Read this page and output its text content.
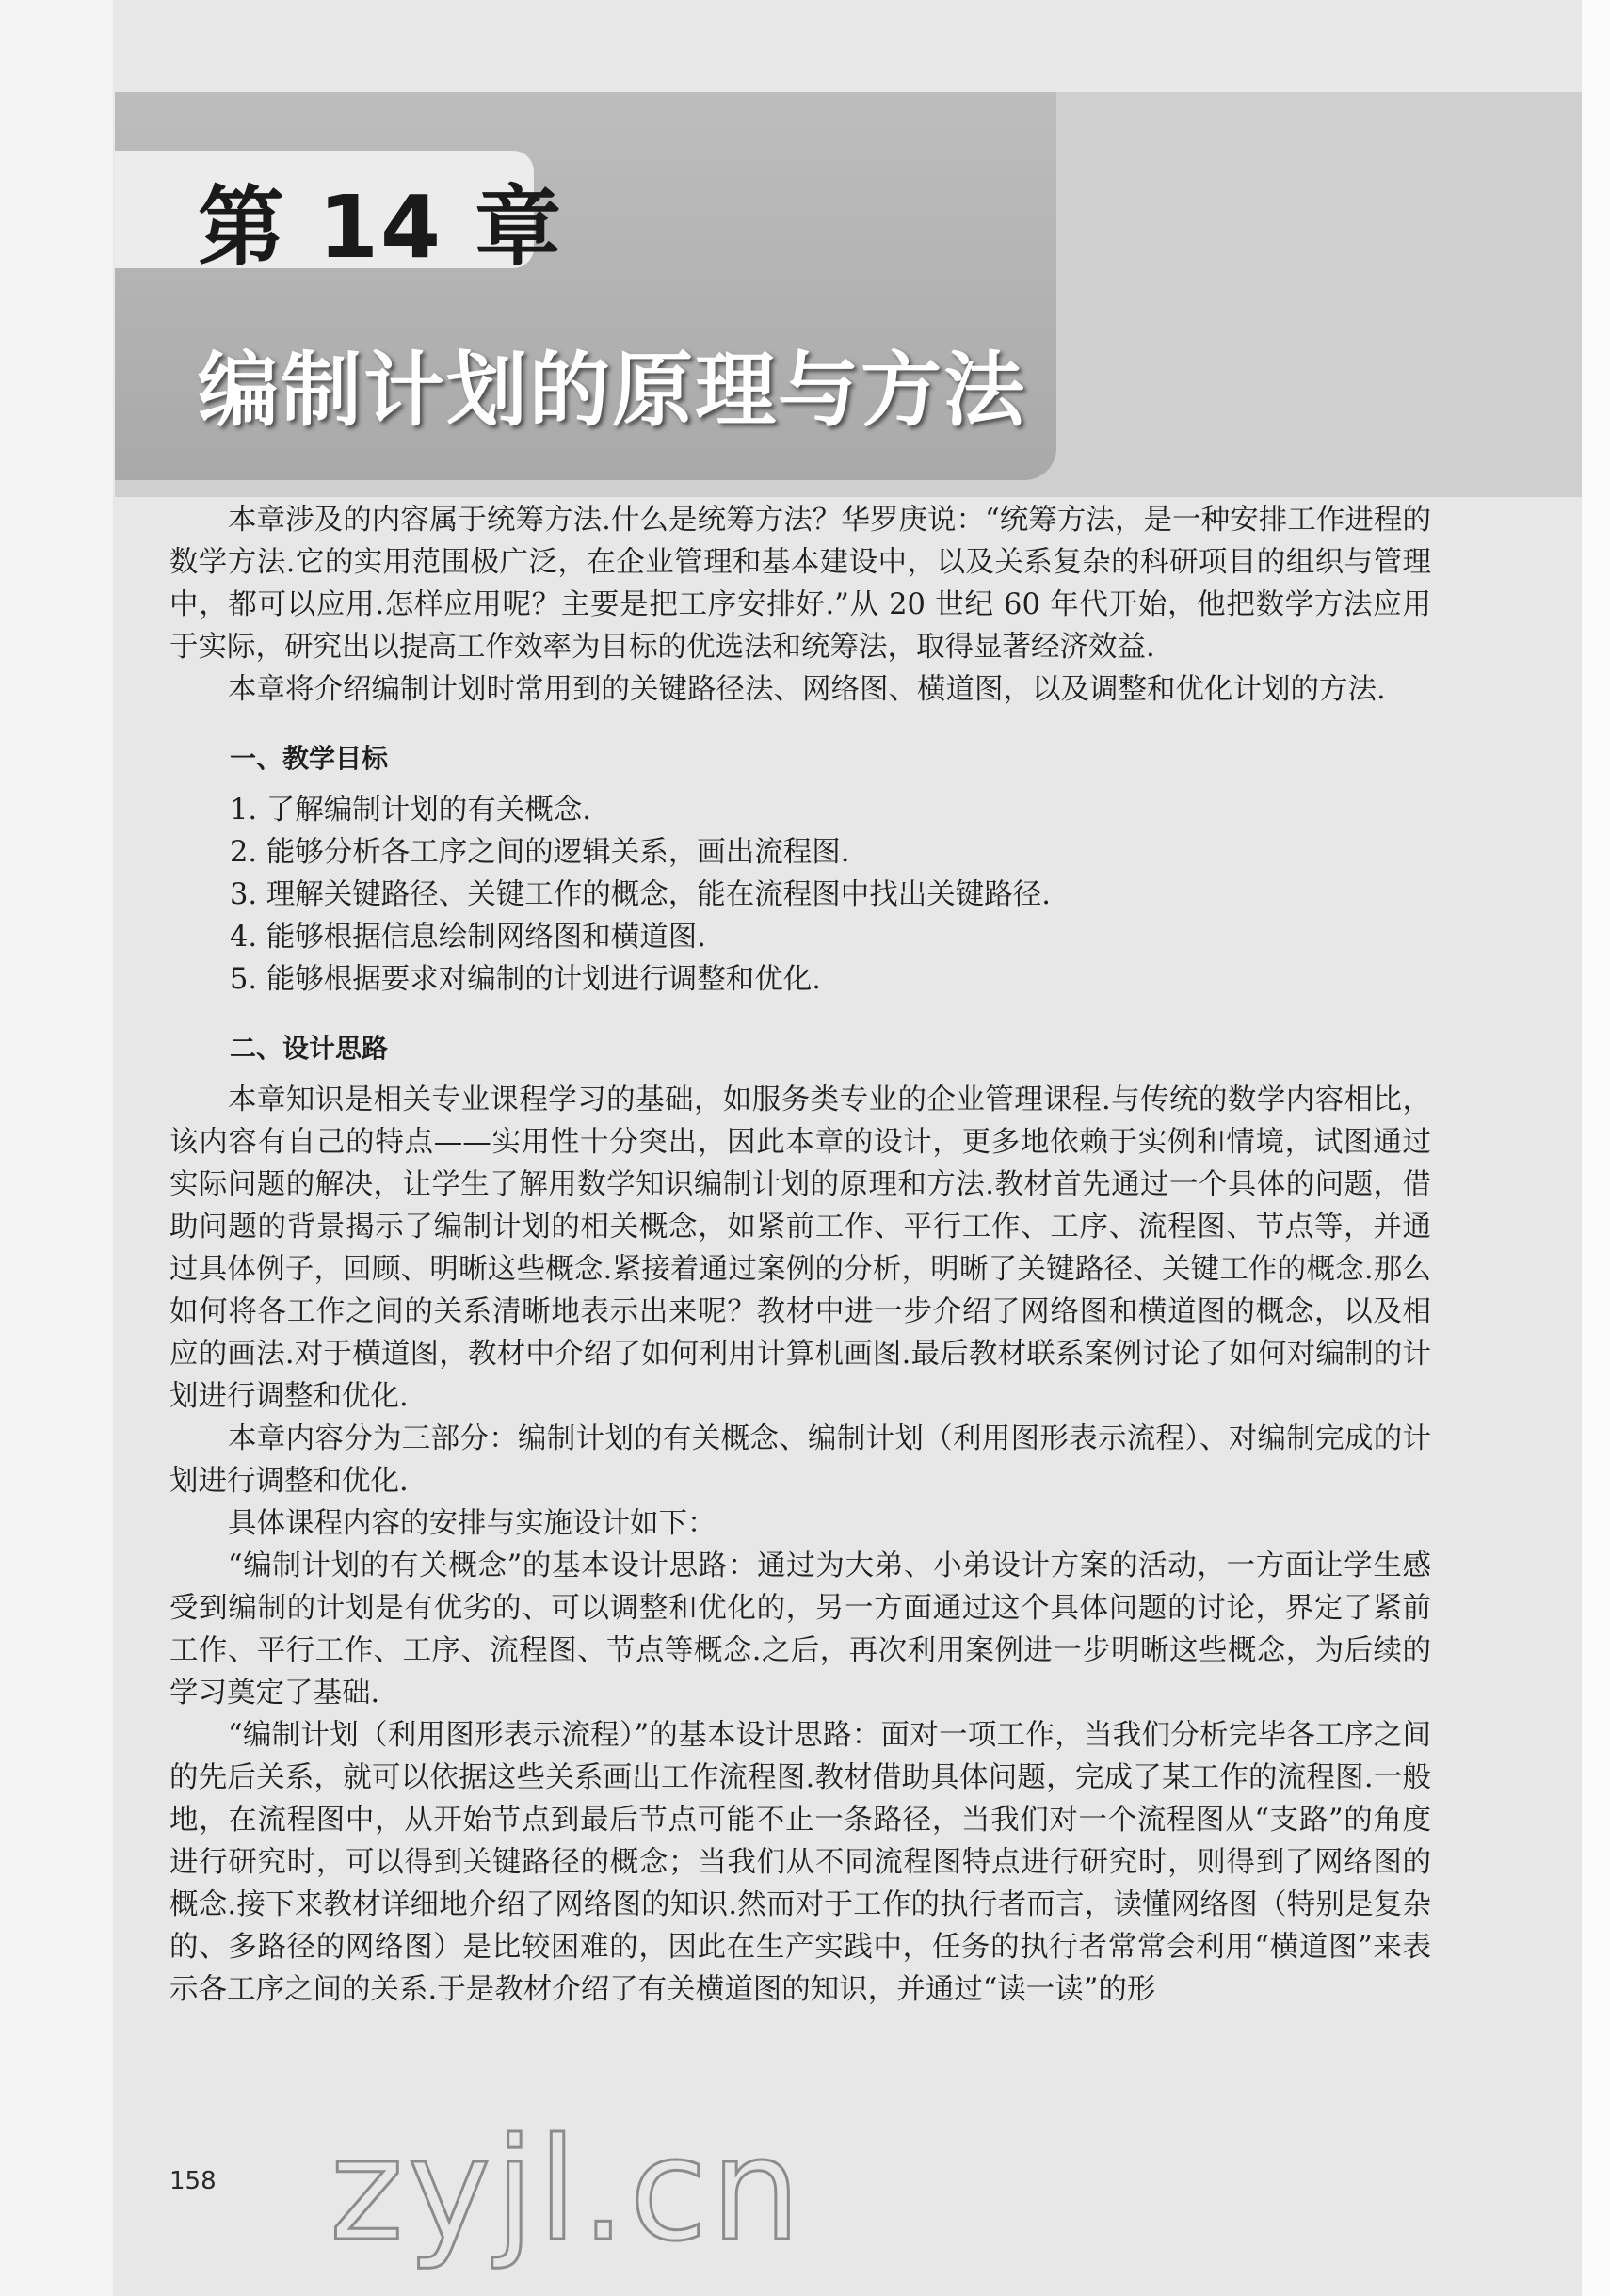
第 14 章
编制计划的原理与方法

本章涉及的内容属于统筹方法.什么是统筹方法？华罗庚说：“统筹方法，是一种安排工作进程的数学方法.它的实用范围极广泛，在企业管理和基本建设中，以及关系复杂的科研项目的组织与管理中，都可以应用.怎样应用呢？主要是把工序安排好.”从 20 世纪 60 年代开始，他把数学方法应用于实际，研究出以提高工作效率为目标的优选法和统筹法，取得显著经济效益.

本章将介绍编制计划时常用到的关键路径法、网络图、横道图，以及调整和优化计划的方法.

一、教学目标
1. 了解编制计划的有关概念.
2. 能够分析各工序之间的逻辑关系，画出流程图.
3. 理解关键路径、关键工作的概念，能在流程图中找出关键路径.
4. 能够根据信息绘制网络图和横道图.
5. 能够根据要求对编制的计划进行调整和优化.
二、设计思路

本章知识是相关专业课程学习的基础，如服务类专业的企业管理课程.与传统的数学内容相比，该内容有自己的特点——实用性十分突出，因此本章的设计，更多地依赖于实例和情境，试图通过实际问题的解决，让学生了解用数学知识编制计划的原理和方法.教材首先通过一个具体的问题，借助问题的背景揭示了编制计划的相关概念，如紧前工作、平行工作、工序、流程图、节点等，并通过具体例子，回顾、明晰这些概念.紧接着通过案例的分析，明晰了关键路径、关键工作的概念.那么如何将各工作之间的关系清晰地表示出来呢？教材中进一步介绍了网络图和横道图的概念，以及相应的画法.对于横道图，教材中介绍了如何利用计算机画图.最后教材联系案例讨论了如何对编制的计划进行调整和优化.

本章内容分为三部分：编制计划的有关概念、编制计划（利用图形表示流程）、对编制完成的计划进行调整和优化.

具体课程内容的安排与实施设计如下：

“编制计划的有关概念”的基本设计思路：通过为大弟、小弟设计方案的活动，一方面让学生感受到编制的计划是有优劣的、可以调整和优化的，另一方面通过这个具体问题的讨论，界定了紧前工作、平行工作、工序、流程图、节点等概念.之后，再次利用案例进一步明晰这些概念，为后续的学习奠定了基础.

“编制计划（利用图形表示流程）”的基本设计思路：面对一项工作，当我们分析完毕各工序之间的先后关系，就可以依据这些关系画出工作流程图.教材借助具体问题，完成了某工作的流程图.一般地，在流程图中，从开始节点到最后节点可能不止一条路径，当我们对一个流程图从“支路”的角度进行研究时，可以得到关键路径的概念；当我们从不同流程图特点进行研究时，则得到了网络图的概念.接下来教材详细地介绍了网络图的知识.然而对于工作的执行者而言，读懂网络图（特别是复杂的、多路径的网络图）是比较困难的，因此在生产实践中，任务的执行者常常会利用“横道图”来表示各工序之间的关系.于是教材介绍了有关横道图的知识，并通过“读一读”的形

158 zyjl.cn
